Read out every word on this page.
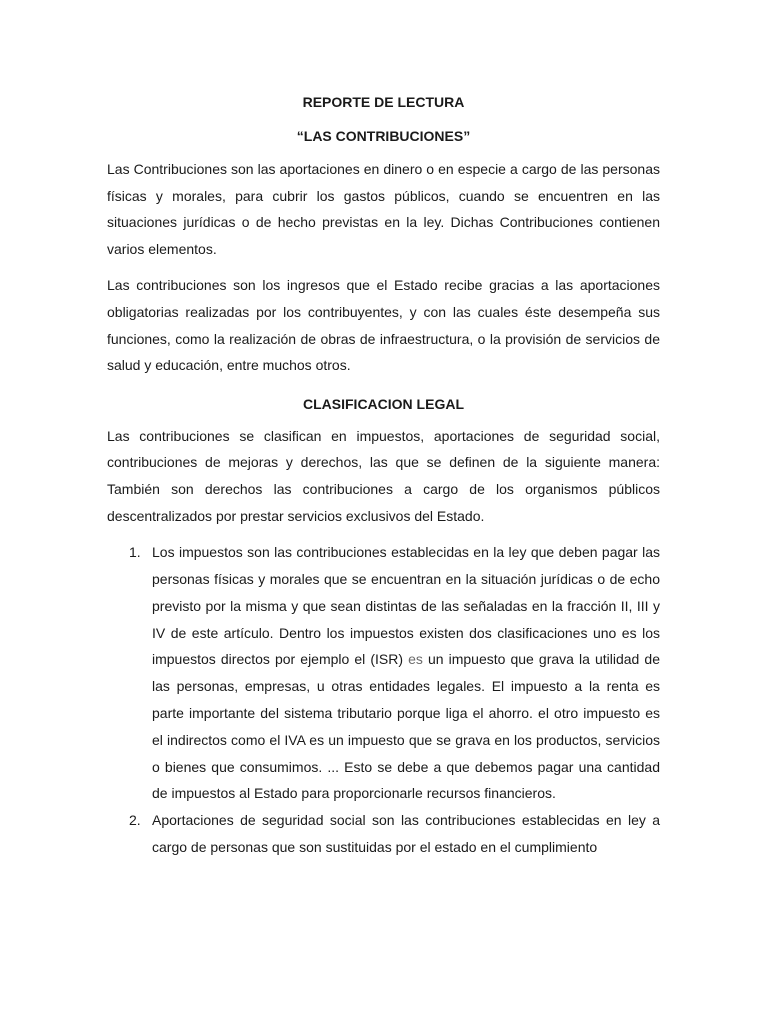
REPORTE DE LECTURA

“LAS CONTRIBUCIONES”

Las Contribuciones son las aportaciones en dinero o en especie a cargo de las personas físicas y morales, para cubrir los gastos públicos, cuando se encuentren en las situaciones jurídicas o de hecho previstas en la ley. Dichas Contribuciones contienen varios elementos.

Las contribuciones son los ingresos que el Estado recibe gracias a las aportaciones obligatorias realizadas por los contribuyentes, y con las cuales éste desempeña sus funciones, como la realización de obras de infraestructura, o la provisión de servicios de salud y educación, entre muchos otros.

CLASIFICACION LEGAL

Las contribuciones se clasifican en impuestos, aportaciones de seguridad social, contribuciones de mejoras y derechos, las que se definen de la siguiente manera: También son derechos las contribuciones a cargo de los organismos públicos descentralizados por prestar servicios exclusivos del Estado.

1. Los impuestos son las contribuciones establecidas en la ley que deben pagar las personas físicas y morales que se encuentran en la situación jurídicas o de echo previsto por la misma y que sean distintas de las señaladas en la fracción II, III y IV de este artículo. Dentro los impuestos existen dos clasificaciones uno es los impuestos directos por ejemplo el (ISR) es un impuesto que grava la utilidad de las personas, empresas, u otras entidades legales. El impuesto a la renta es parte importante del sistema tributario porque liga el ahorro. el otro impuesto es el indirectos como el IVA es un impuesto que se grava en los productos, servicios o bienes que consumimos. ... Esto se debe a que debemos pagar una cantidad de impuestos al Estado para proporcionarle recursos financieros.
2. Aportaciones de seguridad social son las contribuciones establecidas en ley a cargo de personas que son sustituidas por el estado en el cumplimiento
